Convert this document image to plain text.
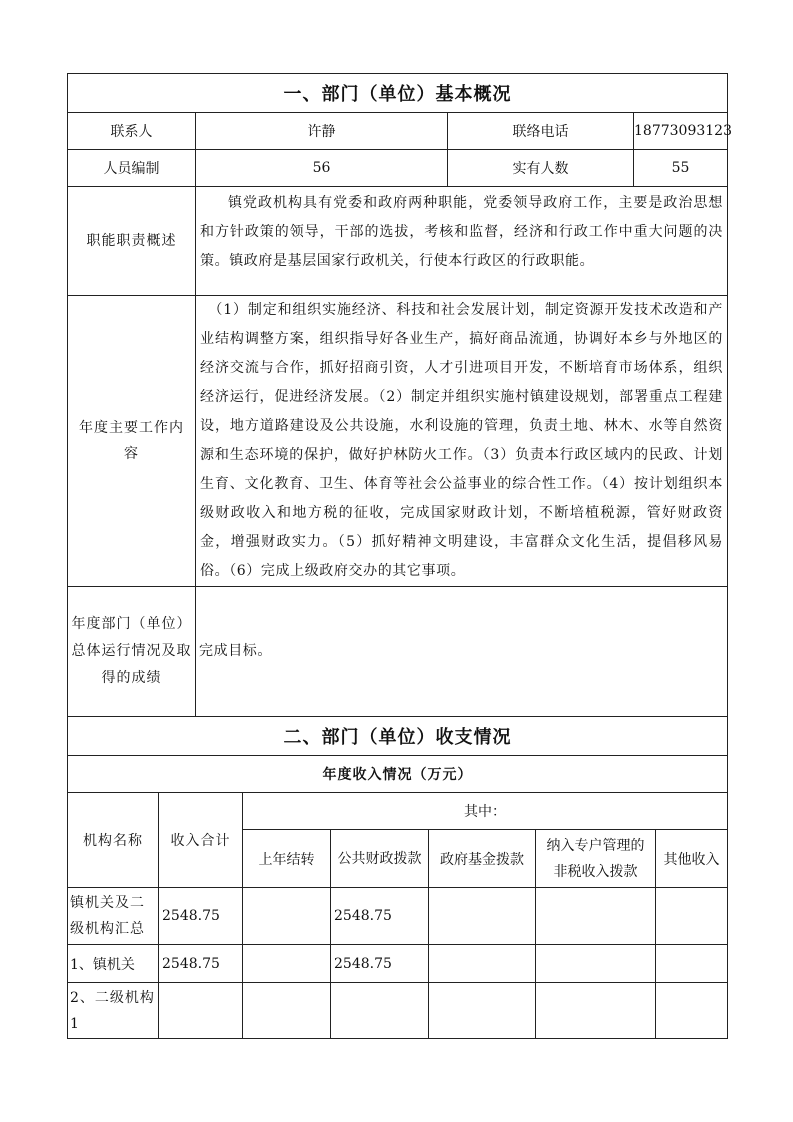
一、部门（单位）基本概况			
联系人	许静	联络电话	18773093123
人员编制	56	实有人数	55
职能职责概述	镇党政机构具有党委和政府两种职能，党委领导政府工作，主要是政治思想和方针政策的领导，干部的选拔，考核和监督，经济和行政工作中重大问题的决策。镇政府是基层国家行政机关，行使本行政区的行政职能。		
年度主要工作内容	（1）制定和组织实施经济、科技和社会发展计划，制定资源开发技术改造和产业结构调整方案，组织指导好各业生产，搞好商品流通，协调好本乡与外地区的经济交流与合作，抓好招商引资，人才引进项目开发，不断培育市场体系，组织经济运行，促进经济发展。（2）制定并组织实施村镇建设规划，部署重点工程建设，地方道路建设及公共设施，水利设施的管理，负责土地、林木、水等自然资源和生态环境的保护，做好护林防火工作。（3）负责本行政区域内的民政、计划生育、文化教育、卫生、体育等社会公益事业的综合性工作。（4）按计划组织本级财政收入和地方税的征收，完成国家财政计划，不断培植税源，管好财政资金，增强财政实力。（5）抓好精神文明建设，丰富群众文化生活，提倡移风易俗。（6）完成上级政府交办的其它事项。		
年度部门（单位）总体运行情况及取得的成绩	完成目标。		
二、部门（单位）收支情况						
年度收入情况（万元）						
机构名称	收入合计	其中：				
		上年结转	公共财政拨款	政府基金拨款	纳入专户管理的非税收入拨款	其他收入
镇机关及二级机构汇总	2548.75		2548.75			
1、镇机关	2548.75		2548.75			
2、二级机构1						
